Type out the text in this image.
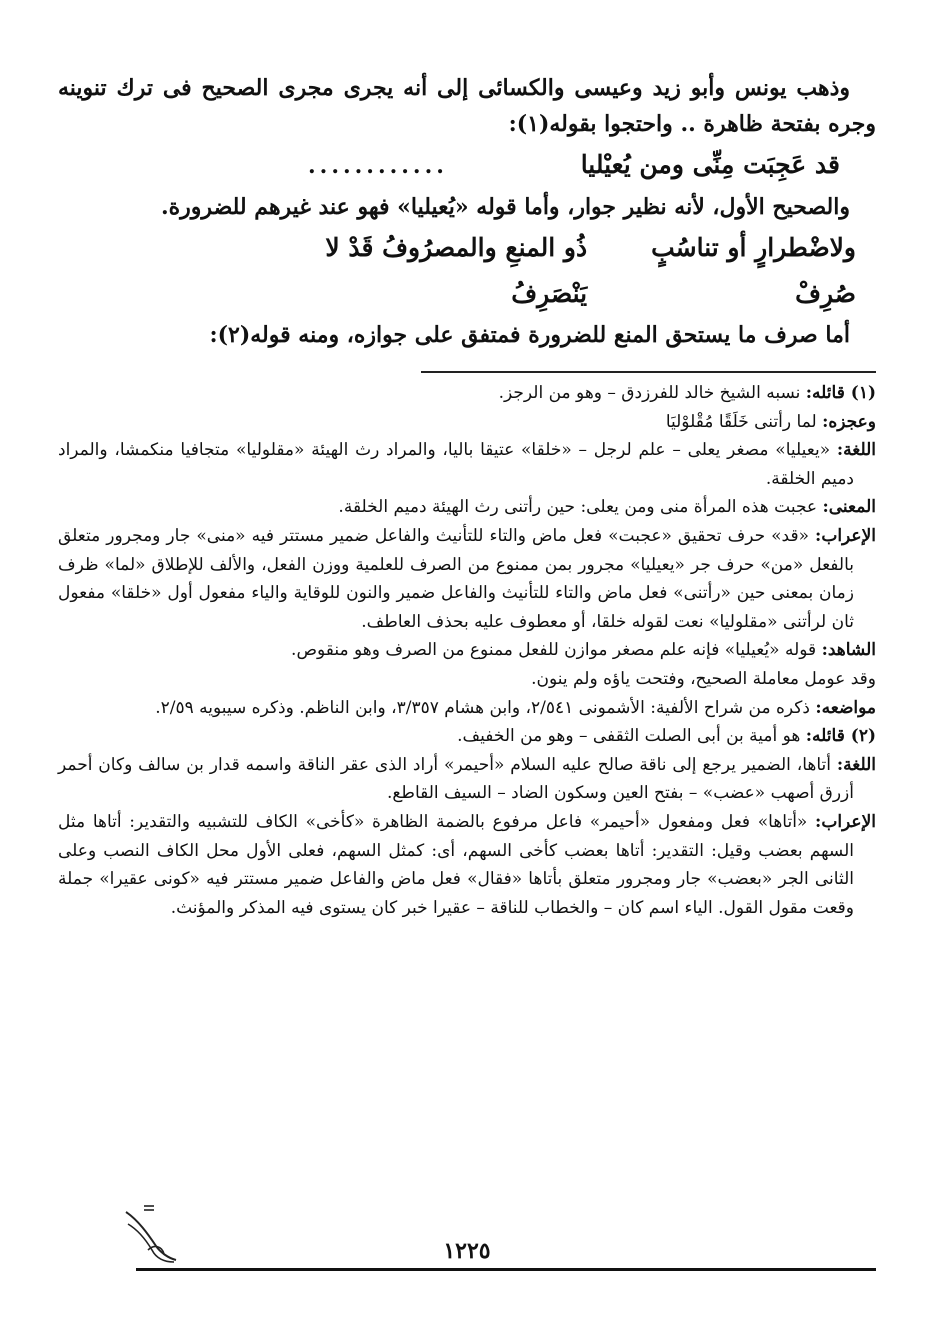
وذهب يونس وأبو زيد وعيسى والكسائى إلى أنه يجرى مجرى الصحيح فى ترك تنوينه وجره بفتحة ظاهرة .. واحتجوا بقوله(١):

قد عَجِبَت مِنِّى ومن يُعيْليا
............

والصحيح الأول، لأنه نظير جوار، وأما قوله «يُعيليا» فهو عند غيرهم للضرورة.

ولاضْطرارٍ أو تناسُبٍ صُرِفْ
ذُو المنعِ والمصرُوفُ قَدْ لا يَنْصَرِفُ

أما صرف ما يستحق المنع للضرورة فمتفق على جوازه، ومنه قوله(٢):

(١) قائله: نسبه الشيخ خالد للفرزدق – وهو من الرجز.

وعجزه: لما رأتنى خَلَقًا مُقْلوْليَا

اللغة: «يعيليا» مصغر يعلى – علم لرجل – «خلقا» عتيقا باليا، والمراد رث الهيئة «مقلوليا» متجافيا منكمشا، والمراد دميم الخلقة.

المعنى: عجبت هذه المرأة منى ومن يعلى: حين رأتنى رث الهيئة دميم الخلقة.

الإعراب: «قد» حرف تحقيق «عجبت» فعل ماض والتاء للتأنيث والفاعل ضمير مستتر فيه «منى» جار ومجرور متعلق بالفعل «من» حرف جر «يعيليا» مجرور بمن ممنوع من الصرف للعلمية ووزن الفعل، والألف للإطلاق «لما» ظرف زمان بمعنى حين «رأتنى» فعل ماض والتاء للتأنيث والفاعل ضمير والنون للوقاية والياء مفعول أول «خلقا» مفعول ثان لرأتنى «مقلوليا» نعت لقوله خلقا، أو معطوف عليه بحذف العاطف.

الشاهد: قوله «يُعيليا» فإنه علم مصغر موازن للفعل ممنوع من الصرف وهو منقوص.

وقد عومل معاملة الصحيح، وفتحت ياؤه ولم ينون.

مواضعه: ذكره من شراح الألفية: الأشمونى ٢/٥٤١، وابن هشام ٣/٣٥٧، وابن الناظم. وذكره سيبويه ٢/٥٩.

(٢) قائله: هو أمية بن أبى الصلت الثقفى – وهو من الخفيف.

اللغة: أتاها، الضمير يرجع إلى ناقة صالح عليه السلام «أحيمر» أراد الذى عقر الناقة واسمه قدار بن سالف وكان أحمر أزرق أصهب «عضب» – بفتح العين وسكون الضاد – السيف القاطع.

الإعراب: «أتاها» فعل ومفعول «أحيمر» فاعل مرفوع بالضمة الظاهرة «كأخى» الكاف للتشبيه والتقدير: أتاها مثل السهم بعضب وقيل: التقدير: أتاها بعضب كأخى السهم، أى: كمثل السهم، فعلى الأول محل الكاف النصب وعلى الثانى الجر «بعضب» جار ومجرور متعلق بأتاها «فقال» فعل ماض والفاعل ضمير مستتر فيه «كونى عقيرا» جملة وقعت مقول القول. الياء اسم كان – والخطاب للناقة – عقيرا خبر كان يستوى فيه المذكر والمؤنث.

١٢٢٥
